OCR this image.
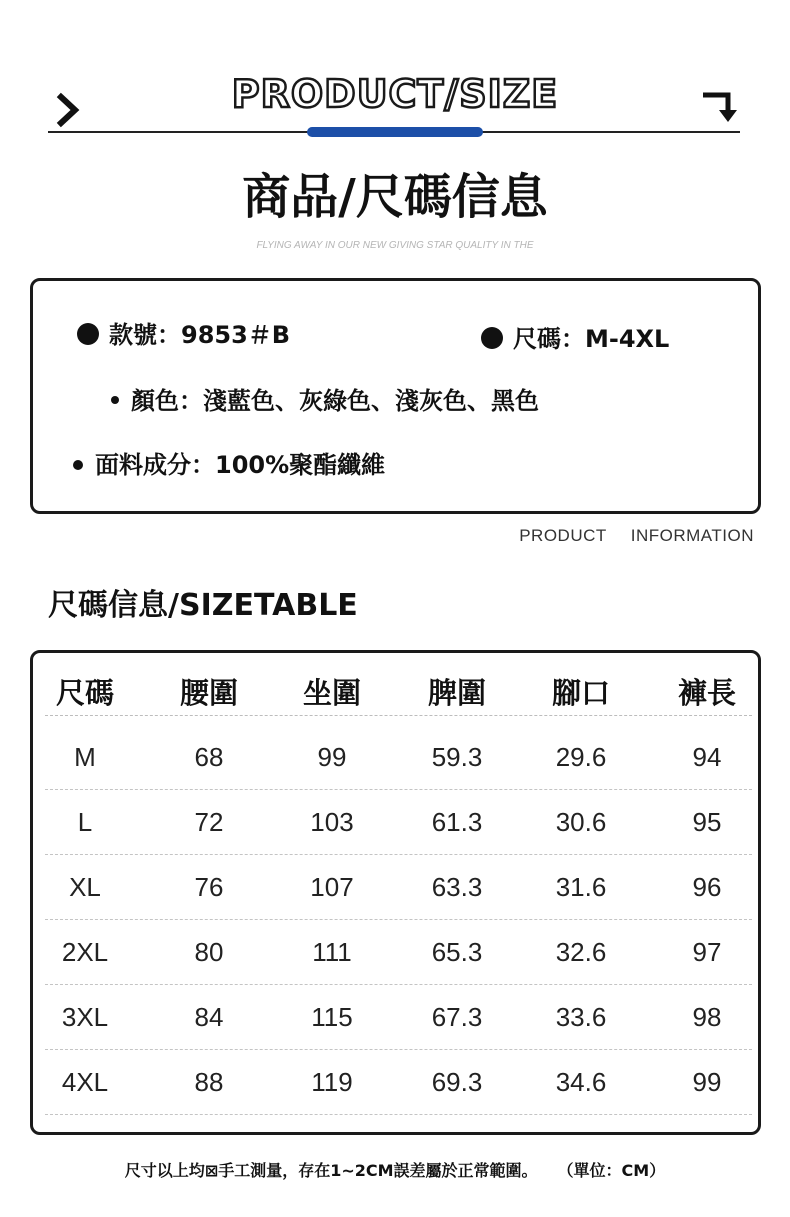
PRODUCT/SIZE
商品/尺碼信息
FLYING AWAY IN OUR NEW GIVING STAR QUALITY IN THE
款號：9853＃B	尺碼：M-4XL
顏色：淺藍色、灰綠色、淺灰色、黑色
面料成分：100%聚酯纖維
PRODUCT INFORMATION
尺碼信息/SIZETABLE
尺碼	腰圍	坐圍	脾圍	腳口	褲長
M	68	99	59.3	29.6	94
L	72	103	61.3	30.6	95
XL	76	107	63.3	31.6	96
2XL	80	111	65.3	32.6	97
3XL	84	115	67.3	33.6	98
4XL	88	119	69.3	34.6	99
尺寸以上均⊠手工測量，存在1~2CM誤差屬於正常範圍。 （單位：CM）
